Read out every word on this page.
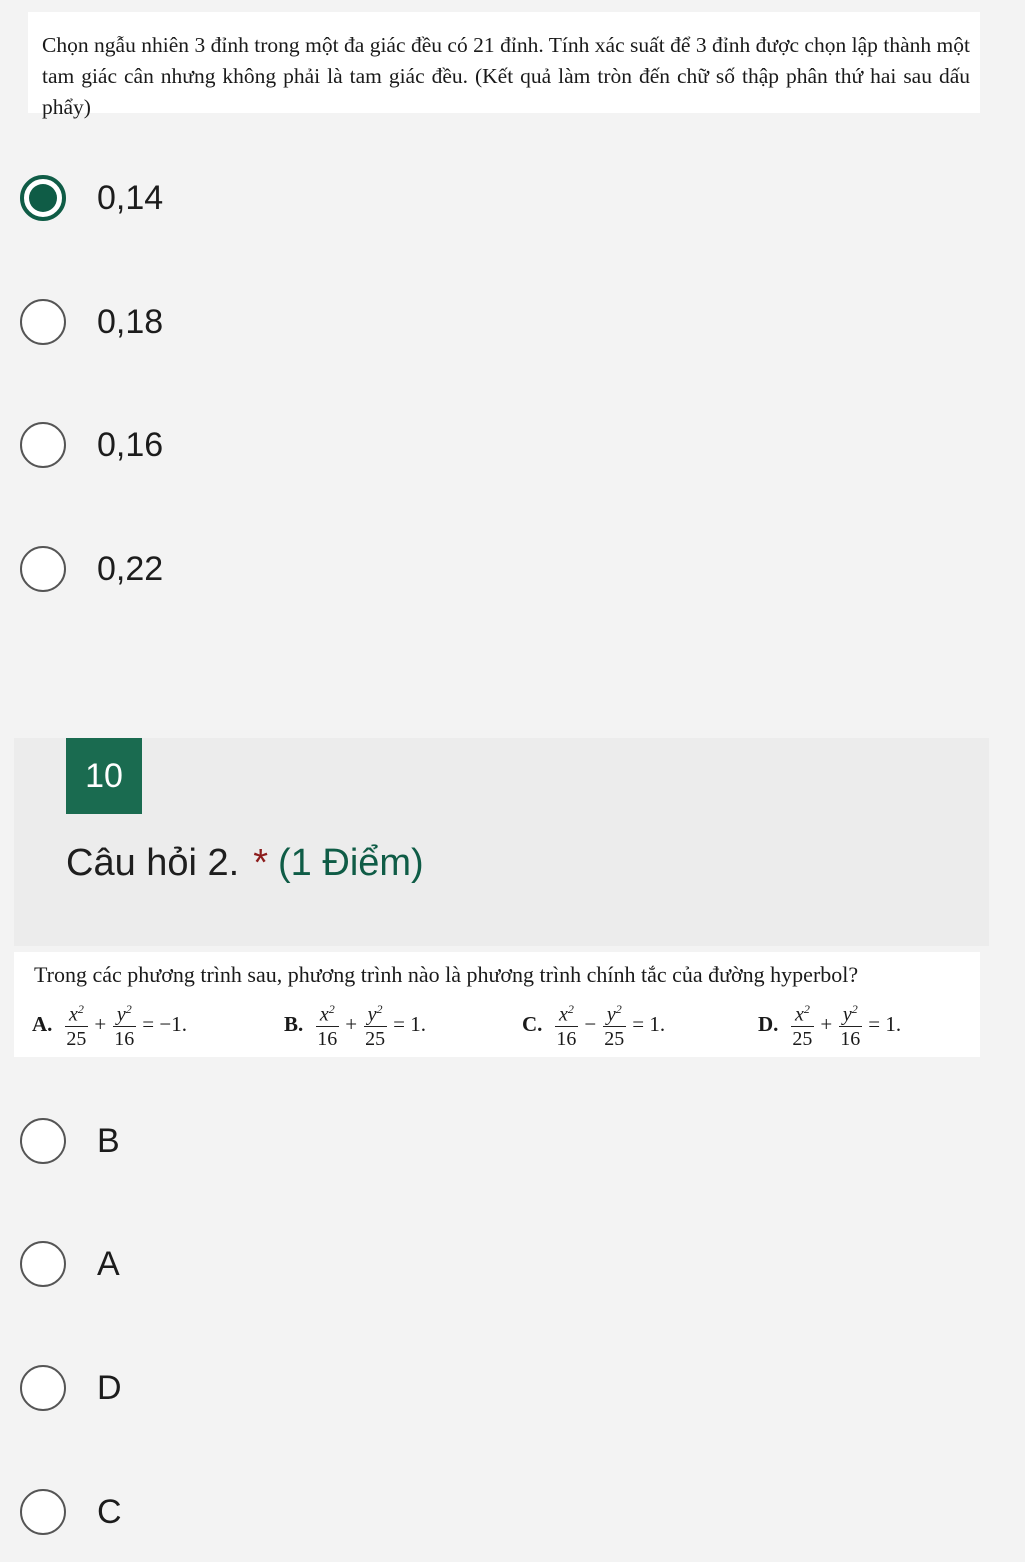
Chọn ngẫu nhiên 3 đỉnh trong một đa giác đều có 21 đỉnh. Tính xác suất để 3 đỉnh được chọn lập thành một tam giác cân nhưng không phải là tam giác đều. (Kết quả làm tròn đến chữ số thập phân thứ hai sau dấu phẩy)

0,14
0,18
0,16
0,22
10
Câu hỏi 2. * (1 Điểm)
Trong các phương trình sau, phương trình nào là phương trình chính tắc của đường hyperbol?
A. $\frac{x^2}{25} + \frac{y^2}{16} = -1$.	B. $\frac{x^2}{16} + \frac{y^2}{25} = 1$.	C. $\frac{x^2}{16} - \frac{y^2}{25} = 1$.	D. $\frac{x^2}{25} + \frac{y^2}{16} = 1$.
B
A
D
C
